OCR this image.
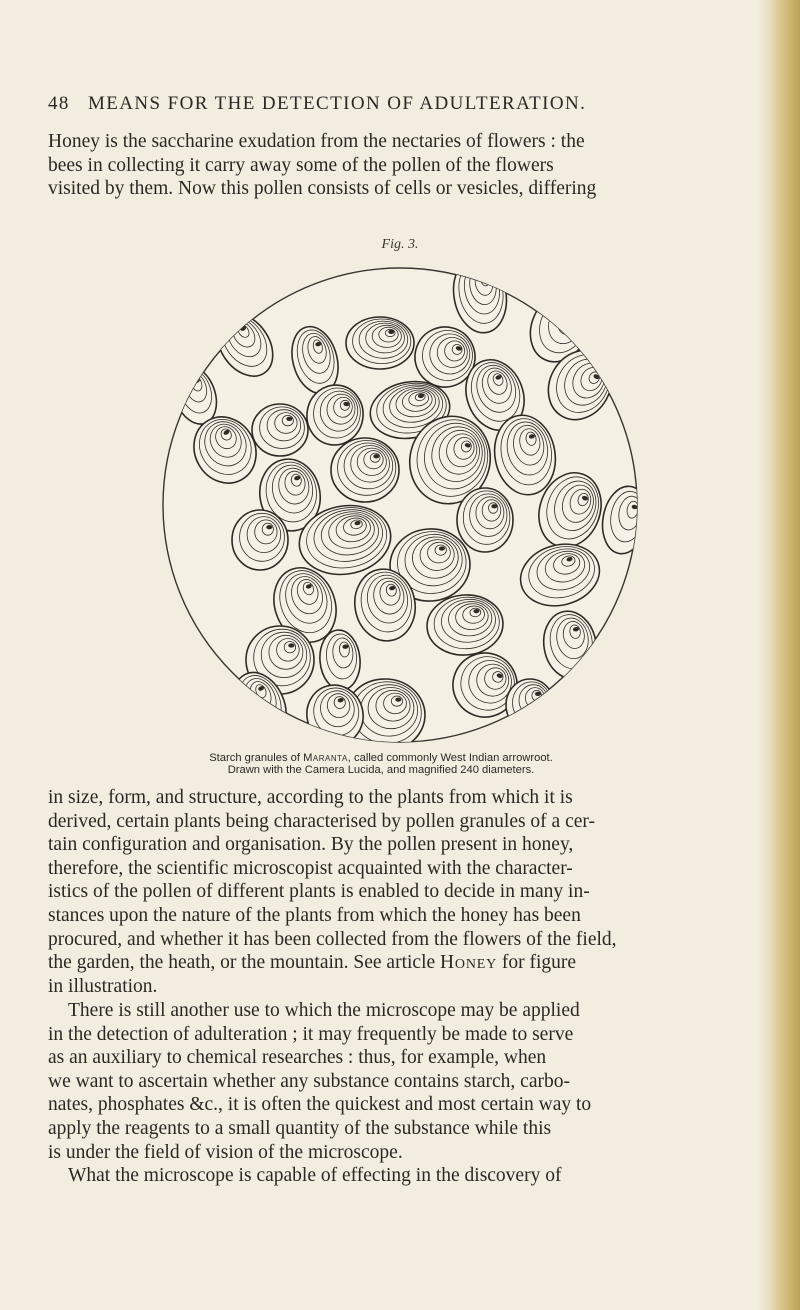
48 MEANS FOR THE DETECTION OF ADULTERATION.
Honey is the saccharine exudation from the nectaries of flowers : the
bees in collecting it carry away some of the pollen of the flowers
visited by them. Now this pollen consists of cells or vesicles, differing
Fig. 3.
Starch granules of Maranta, called commonly West Indian arrowroot.
Drawn with the Camera Lucida, and magnified 240 diameters.
in size, form, and structure, according to the plants from which it is
derived, certain plants being characterised by pollen granules of a cer-
tain configuration and organisation. By the pollen present in honey,
therefore, the scientific microscopist acquainted with the character-
istics of the pollen of different plants is enabled to decide in many in-
stances upon the nature of the plants from which the honey has been
procured, and whether it has been collected from the flowers of the field,
the garden, the heath, or the mountain. See article Honey for figure
in illustration.
There is still another use to which the microscope may be applied
in the detection of adulteration ; it may frequently be made to serve
as an auxiliary to chemical researches : thus, for example, when
we want to ascertain whether any substance contains starch, carbo-
nates, phosphates &c., it is often the quickest and most certain way to
apply the reagents to a small quantity of the substance while this
is under the field of vision of the microscope.
What the microscope is capable of effecting in the discovery of
